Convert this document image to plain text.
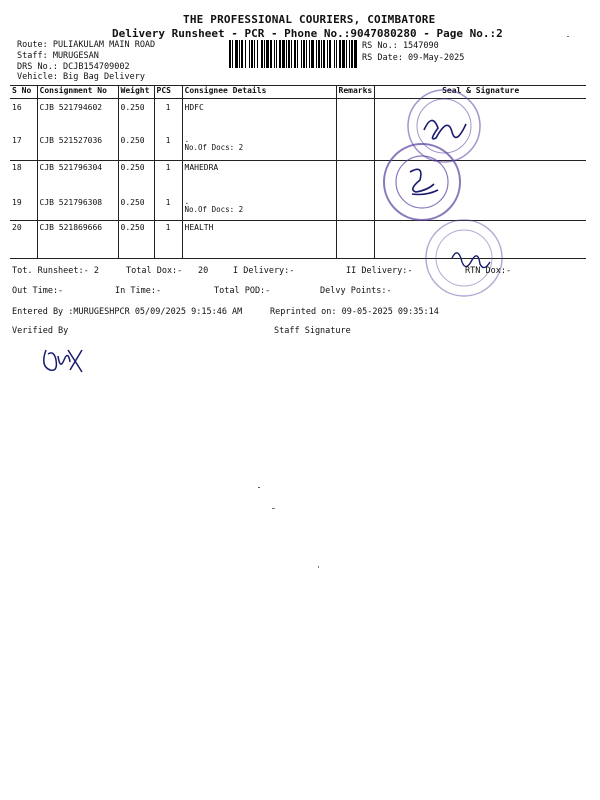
THE PROFESSIONAL COURIERS, COIMBATORE
Delivery Runsheet - PCR - Phone No.:9047080280 - Page No.:2
Route: PULIAKULAM MAIN ROAD
Staff: MURUGESAN
DRS No.: DCJB154709002
Vehicle: Big Bag Delivery
RS No.: 1547090
RS Date: 09-May-2025
S No	Consignment No	Weight	PCS	Consignee Details	Remarks	Seal & Signature
16	CJB 521794602	0.250	1	HDFC		
17	CJB 521527036	0.250	1	.
No.Of Docs: 2		

18	CJB 521796304	0.250	1	MAHEDRA		
19	CJB 521796308	0.250	1	.
No.Of Docs: 2		

20	CJB 521869666	0.250	1	HEALTH		
Tot. Runsheet:- 2	Total Dox:- 20	I Delivery:-	II Delivery:-	RTN Dox:-
Out Time:-	In Time:-	Total POD:-	Delvy Points:-
Entered By :MURUGESHPCR 05/09/2025 9:15:46 AM	Reprinted on: 09-05-2025 09:35:14
Verified By	Staff Signature
